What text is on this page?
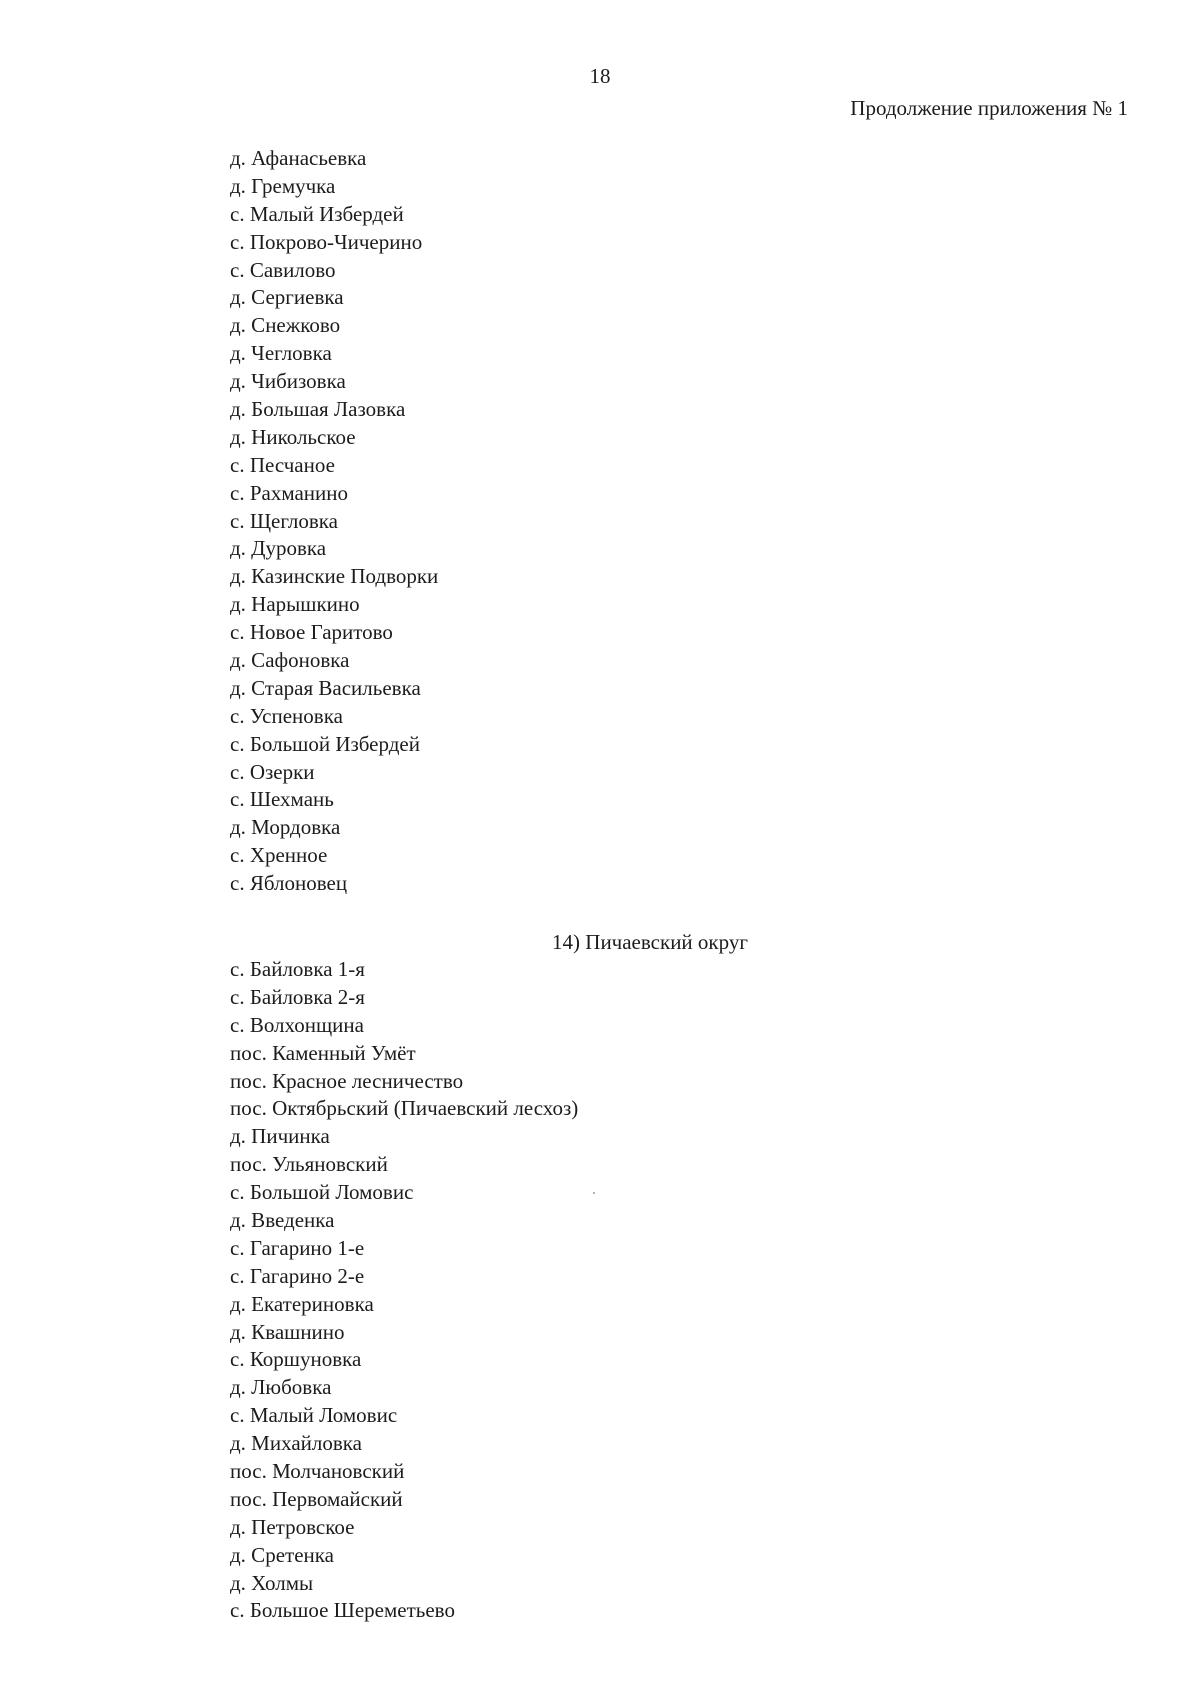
18
Продолжение приложения № 1
д. Афанасьевка
д. Гремучка
с. Малый Избердей
с. Покрово-Чичерино
с. Савилово
д. Сергиевка
д. Снежково
д. Чегловка
д. Чибизовка
д. Большая Лазовка
д. Никольское
с. Песчаное
с. Рахманино
с. Щегловка
д. Дуровка
д. Казинские Подворки
д. Нарышкино
с. Новое Гаритово
д. Сафоновка
д. Старая Васильевка
с. Успеновка
с. Большой Избердей
с. Озерки
с. Шехмань
д. Мордовка
с. Хренное
с. Яблоновец
14) Пичаевский округ
с. Байловка 1-я
с. Байловка 2-я
с. Волхонщина
пос. Каменный Умёт
пос. Красное лесничество
пос. Октябрьский (Пичаевский лесхоз)
д. Пичинка
пос. Ульяновский
с. Большой Ломовис
д. Введенка
с. Гагарино 1-е
с. Гагарино 2-е
д. Екатериновка
д. Квашнино
с. Коршуновка
д. Любовка
с. Малый Ломовис
д. Михайловка
пос. Молчановский
пос. Первомайский
д. Петровское
д. Сретенка
д. Холмы
с. Большое Шереметьево
